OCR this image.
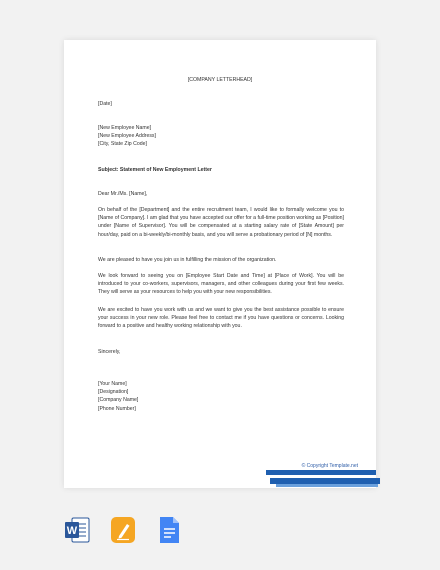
[COMPANY LETTERHEAD]
[Date]
[New Employee Name]
[New Employee Address]
[City, State Zip Code]
Subject: Statement of New Employment Letter
Dear Mr./Ms. [Name],
On behalf of the [Department] and the entire recruitment team, I would like to formally welcome you to [Name of Company]. I am glad that you have accepted our offer for a full-time position working as [Position] under [Name of Supervisor]. You will be compensated at a starting salary rate of [State Amount] per hour/day, paid on a bi-weekly/bi-monthly basis, and you will serve a probationary period of [N] months.
We are pleased to have you join us in fulfilling the mission of the organization.
We look forward to seeing you on [Employee Start Date and Time] at [Place of Work]. You will be introduced to your co-workers, supervisors, managers, and other colleagues during your first few weeks. They will serve as your resources to help you with your new responsibilities.
We are excited to have you work with us and we want to give you the best assistance possible to ensure your success in your new role. Please feel free to contact me if you have questions or concerns. Looking forward to a positive and healthy working relationship with you.
Sincerely,
[Your Name]
[Designation]
[Company Name]
[Phone Number]
© Copyright Template.net
W
